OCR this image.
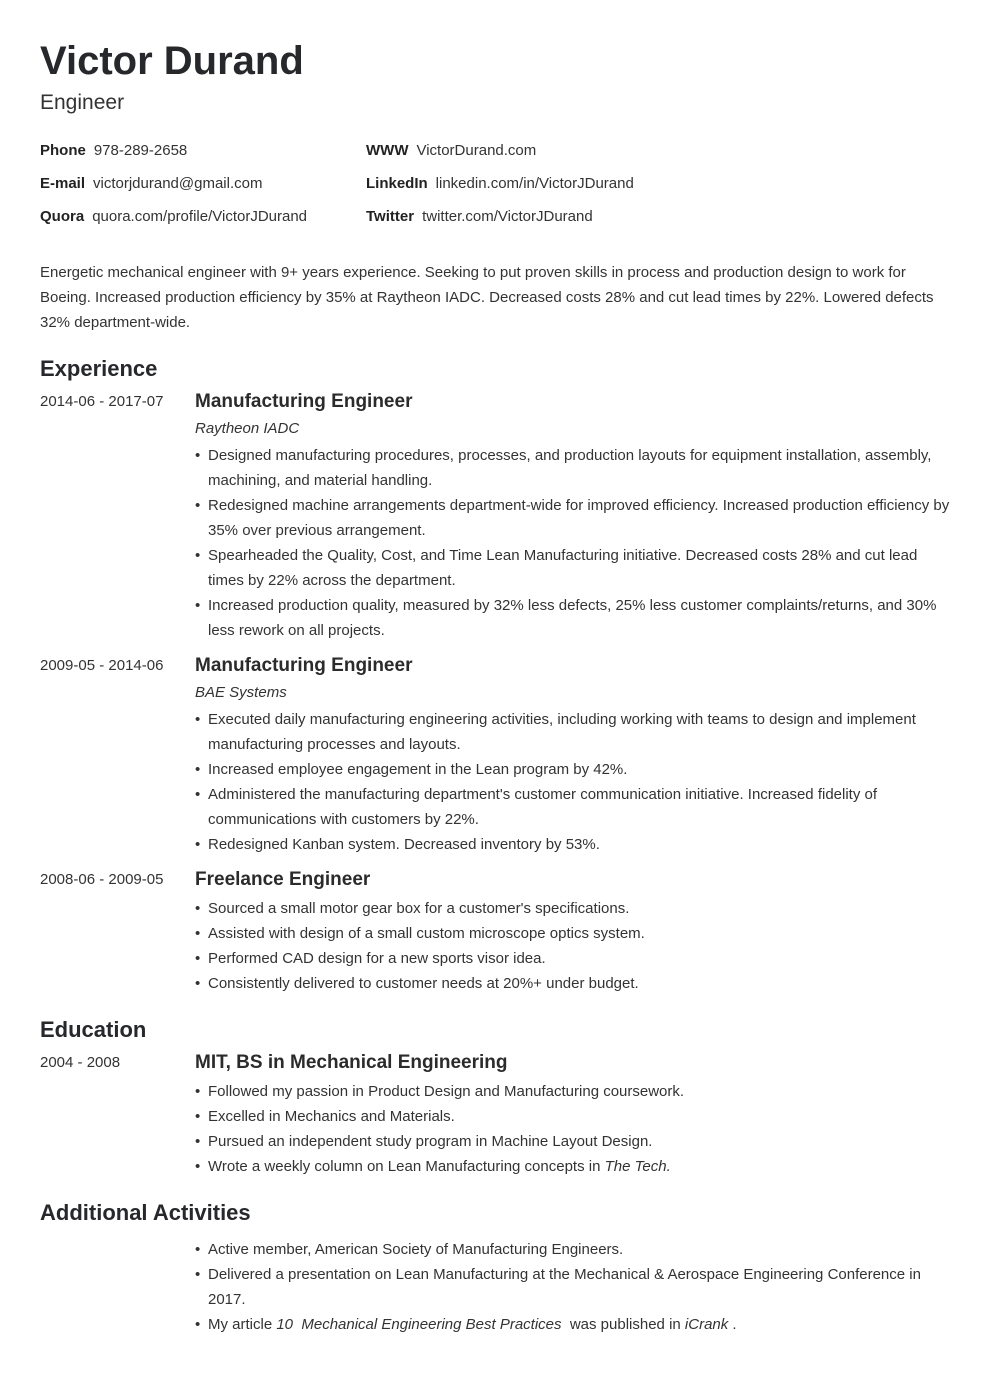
Victor Durand
Engineer
Phone 978-289-2658	WWW VictorDurand.com
E-mail victorjdurand@gmail.com	LinkedIn linkedin.com/in/VictorJDurand
Quora quora.com/profile/VictorJDurand	Twitter twitter.com/VictorJDurand
Energetic mechanical engineer with 9+ years experience. Seeking to put proven skills in process and production design to work for Boeing. Increased production efficiency by 35% at Raytheon IADC. Decreased costs 28% and cut lead times by 22%. Lowered defects 32% department-wide.
Experience
2014-06 - 2017-07	Manufacturing Engineer
Raytheon IADC
• Designed manufacturing procedures, processes, and production layouts for equipment installation, assembly, machining, and material handling.
• Redesigned machine arrangements department-wide for improved efficiency. Increased production efficiency by 35% over previous arrangement.
• Spearheaded the Quality, Cost, and Time Lean Manufacturing initiative. Decreased costs 28% and cut lead times by 22% across the department.
• Increased production quality, measured by 32% less defects, 25% less customer complaints/returns, and 30% less rework on all projects.
2009-05 - 2014-06	Manufacturing Engineer
BAE Systems
• Executed daily manufacturing engineering activities, including working with teams to design and implement manufacturing processes and layouts.
• Increased employee engagement in the Lean program by 42%.
• Administered the manufacturing department's customer communication initiative. Increased fidelity of communications with customers by 22%.
• Redesigned Kanban system. Decreased inventory by 53%.
2008-06 - 2009-05	Freelance Engineer
• Sourced a small motor gear box for a customer's specifications.
• Assisted with design of a small custom microscope optics system.
• Performed CAD design for a new sports visor idea.
• Consistently delivered to customer needs at 20%+ under budget.
Education
2004 - 2008	MIT, BS in Mechanical Engineering
• Followed my passion in Product Design and Manufacturing coursework.
• Excelled in Mechanics and Materials.
• Pursued an independent study program in Machine Layout Design.
• Wrote a weekly column on Lean Manufacturing concepts in The Tech.
Additional Activities
• Active member, American Society of Manufacturing Engineers.
• Delivered a presentation on Lean Manufacturing at the Mechanical & Aerospace Engineering Conference in 2017.
• My article 10  Mechanical Engineering Best Practices  was published in iCrank .
